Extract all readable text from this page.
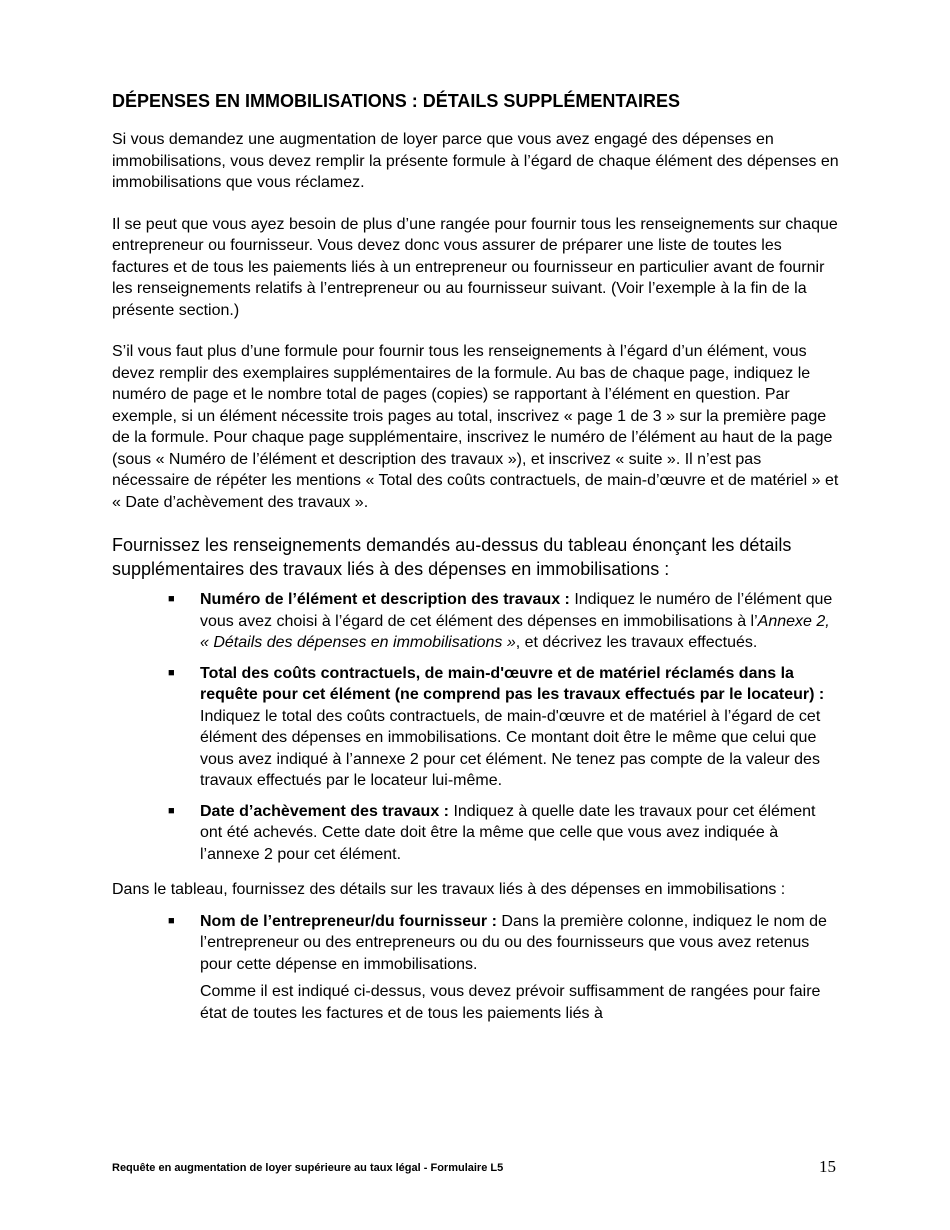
DÉPENSES EN IMMOBILISATIONS : DÉTAILS SUPPLÉMENTAIRES

Si vous demandez une augmentation de loyer parce que vous avez engagé des dépenses en immobilisations, vous devez remplir la présente formule à l’égard de chaque élément des dépenses en immobilisations que vous réclamez.

Il se peut que vous ayez besoin de plus d’une rangée pour fournir tous les renseignements sur chaque entrepreneur ou fournisseur. Vous devez donc vous assurer de préparer une liste de toutes les factures et de tous les paiements liés à un entrepreneur ou fournisseur en particulier avant de fournir les renseignements relatifs à l’entrepreneur ou au fournisseur suivant. (Voir l’exemple à la fin de la présente section.)

S’il vous faut plus d’une formule pour fournir tous les renseignements à l’égard d’un élément, vous devez remplir des exemplaires supplémentaires de la formule. Au bas de chaque page, indiquez le numéro de page et le nombre total de pages (copies) se rapportant à l’élément en question. Par exemple, si un élément nécessite trois pages au total, inscrivez « page 1 de 3 » sur la première page de la formule. Pour chaque page supplémentaire, inscrivez le numéro de l’élément au haut de la page (sous « Numéro de l’élément et description des travaux »), et inscrivez « suite ». Il n’est pas nécessaire de répéter les mentions « Total des coûts contractuels, de main-d’œuvre et de matériel » et « Date d’achèvement des travaux ».

Fournissez les renseignements demandés au-dessus du tableau énonçant les détails supplémentaires des travaux liés à des dépenses en immobilisations :

■ Numéro de l’élément et description des travaux : Indiquez le numéro de l’élément que vous avez choisi à l’égard de cet élément des dépenses en immobilisations à l’Annexe 2, « Détails des dépenses en immobilisations », et décrivez les travaux effectués.
■ Total des coûts contractuels, de main-d'œuvre et de matériel réclamés dans la requête pour cet élément (ne comprend pas les travaux effectués par le locateur) : Indiquez le total des coûts contractuels, de main-d'œuvre et de matériel à l’égard de cet élément des dépenses en immobilisations. Ce montant doit être le même que celui que vous avez indiqué à l’annexe 2 pour cet élément. Ne tenez pas compte de la valeur des travaux effectués par le locateur lui-même.
■ Date d’achèvement des travaux : Indiquez à quelle date les travaux pour cet élément ont été achevés. Cette date doit être la même que celle que vous avez indiquée à l’annexe 2 pour cet élément.

Dans le tableau, fournissez des détails sur les travaux liés à des dépenses en immobilisations :

■ Nom de l’entrepreneur/du fournisseur : Dans la première colonne, indiquez le nom de l’entrepreneur ou des entrepreneurs ou du ou des fournisseurs que vous avez retenus pour cette dépense en immobilisations.

Comme il est indiqué ci-dessus, vous devez prévoir suffisamment de rangées pour faire état de toutes les factures et de tous les paiements liés à

Requête en augmentation de loyer supérieure au taux légal - Formulaire L5	15
